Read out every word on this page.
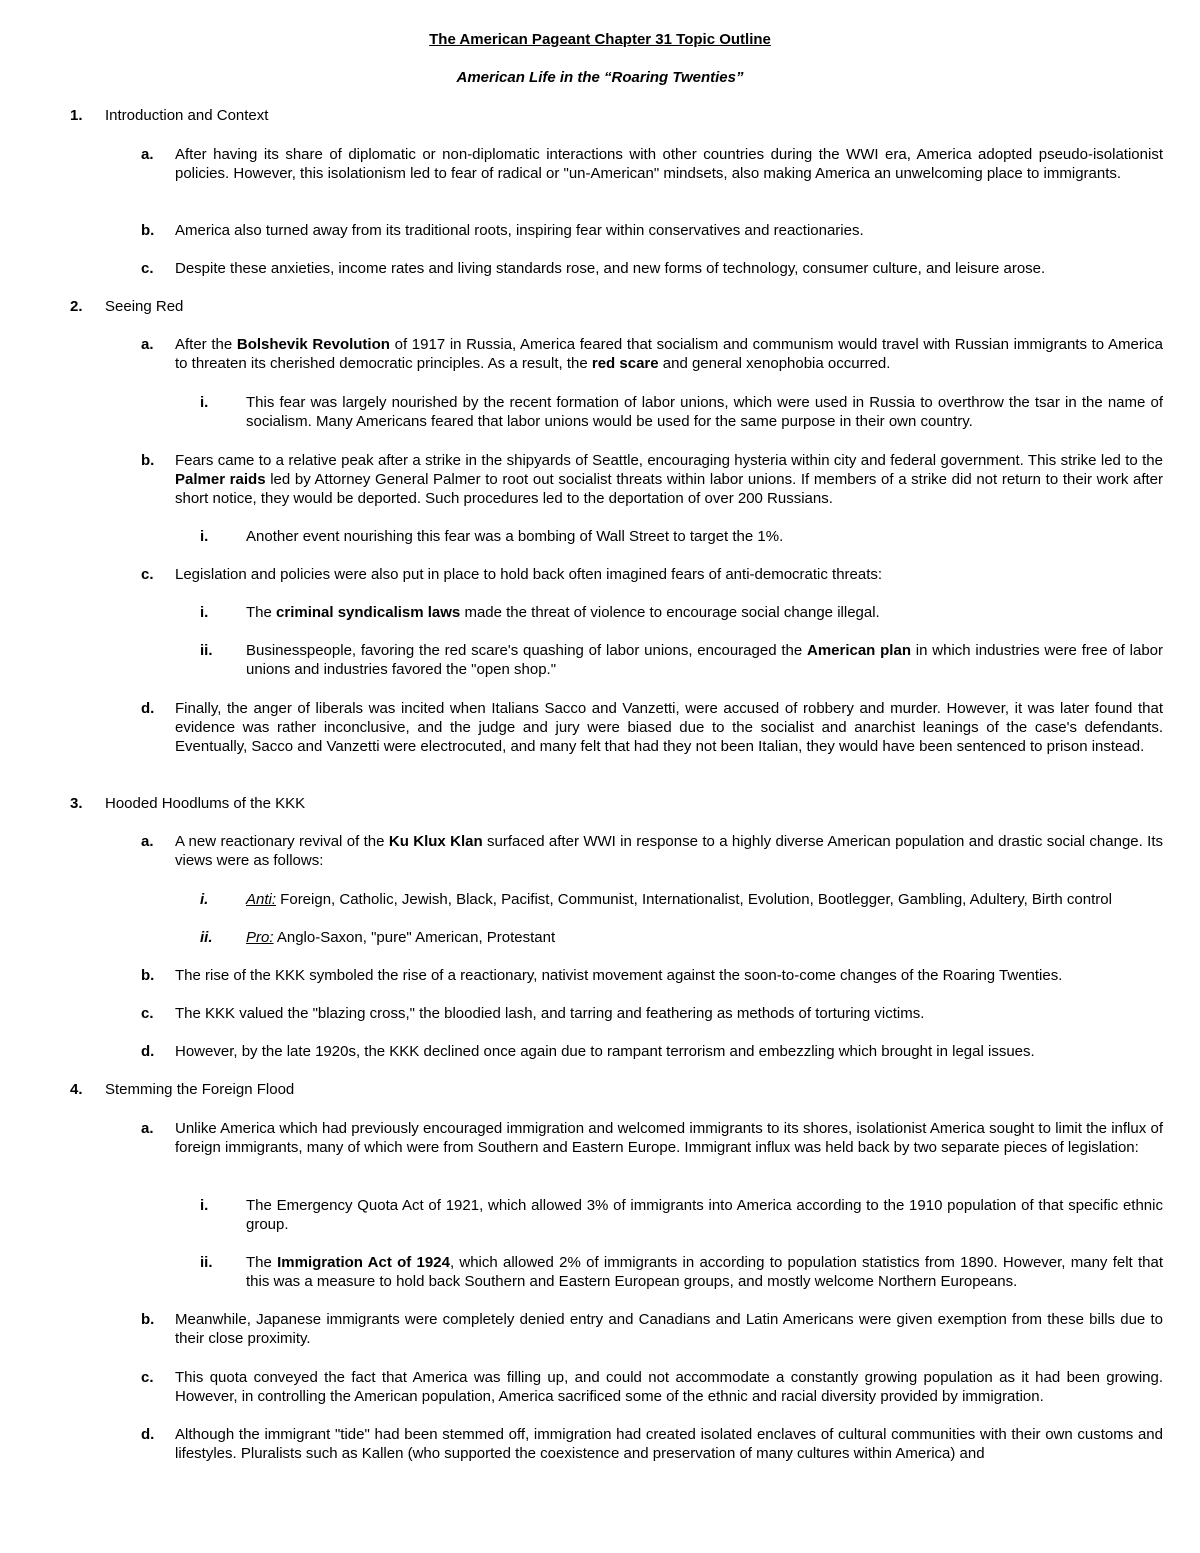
The American Pageant Chapter 31 Topic Outline
American Life in the “Roaring Twenties”
1. Introduction and Context
a. After having its share of diplomatic or non-diplomatic interactions with other countries during the WWI era, America adopted pseudo-isolationist policies. However, this isolationism led to fear of radical or "un-American" mindsets, also making America an unwelcoming place to immigrants.
b. America also turned away from its traditional roots, inspiring fear within conservatives and reactionaries.
c. Despite these anxieties, income rates and living standards rose, and new forms of technology, consumer culture, and leisure arose.
2. Seeing Red
a. After the Bolshevik Revolution of 1917 in Russia, America feared that socialism and communism would travel with Russian immigrants to America to threaten its cherished democratic principles. As a result, the red scare and general xenophobia occurred.
i.	This fear was largely nourished by the recent formation of labor unions, which were used in Russia to overthrow the tsar in the name of socialism. Many Americans feared that labor unions would be used for the same purpose in their own country.
b. Fears came to a relative peak after a strike in the shipyards of Seattle, encouraging hysteria within city and federal government. This strike led to the Palmer raids led by Attorney General Palmer to root out socialist threats within labor unions. If members of a strike did not return to their work after short notice, they would be deported. Such procedures led to the deportation of over 200 Russians.
i.	Another event nourishing this fear was a bombing of Wall Street to target the 1%.
c. Legislation and policies were also put in place to hold back often imagined fears of anti-democratic threats:
i.	The criminal syndicalism laws made the threat of violence to encourage social change illegal.
ii. Businesspeople, favoring the red scare's quashing of labor unions, encouraged the American plan in which industries were free of labor unions and industries favored the "open shop."
d. Finally, the anger of liberals was incited when Italians Sacco and Vanzetti, were accused of robbery and murder. However, it was later found that evidence was rather inconclusive, and the judge and jury were biased due to the socialist and anarchist leanings of the case's defendants. Eventually, Sacco and Vanzetti were electrocuted, and many felt that had they not been Italian, they would have been sentenced to prison instead.
3. Hooded Hoodlums of the KKK
a. A new reactionary revival of the Ku Klux Klan surfaced after WWI in response to a highly diverse American population and drastic social change. Its views were as follows:
i.	Anti: Foreign, Catholic, Jewish, Black, Pacifist, Communist, Internationalist, Evolution, Bootlegger, Gambling, Adultery, Birth control
ii. Pro: Anglo-Saxon, "pure" American, Protestant
b. The rise of the KKK symboled the rise of a reactionary, nativist movement against the soon-to-come changes of the Roaring Twenties.
c. The KKK valued the "blazing cross," the bloodied lash, and tarring and feathering as methods of torturing victims.
d. However, by the late 1920s, the KKK declined once again due to rampant terrorism and embezzling which brought in legal issues.
4. Stemming the Foreign Flood
a. Unlike America which had previously encouraged immigration and welcomed immigrants to its shores, isolationist America sought to limit the influx of foreign immigrants, many of which were from Southern and Eastern Europe. Immigrant influx was held back by two separate pieces of legislation:
i.	The Emergency Quota Act of 1921, which allowed 3% of immigrants into America according to the 1910 population of that specific ethnic group.
ii. The Immigration Act of 1924, which allowed 2% of immigrants in according to population statistics from 1890. However, many felt that this was a measure to hold back Southern and Eastern European groups, and mostly welcome Northern Europeans.
b. Meanwhile, Japanese immigrants were completely denied entry and Canadians and Latin Americans were given exemption from these bills due to their close proximity.
c. This quota conveyed the fact that America was filling up, and could not accommodate a constantly growing population as it had been growing. However, in controlling the American population, America sacrificed some of the ethnic and racial diversity provided by immigration.
d. Although the immigrant "tide" had been stemmed off, immigration had created isolated enclaves of cultural communities with their own customs and lifestyles. Pluralists such as Kallen (who supported the coexistence and preservation of many cultures within America) and
